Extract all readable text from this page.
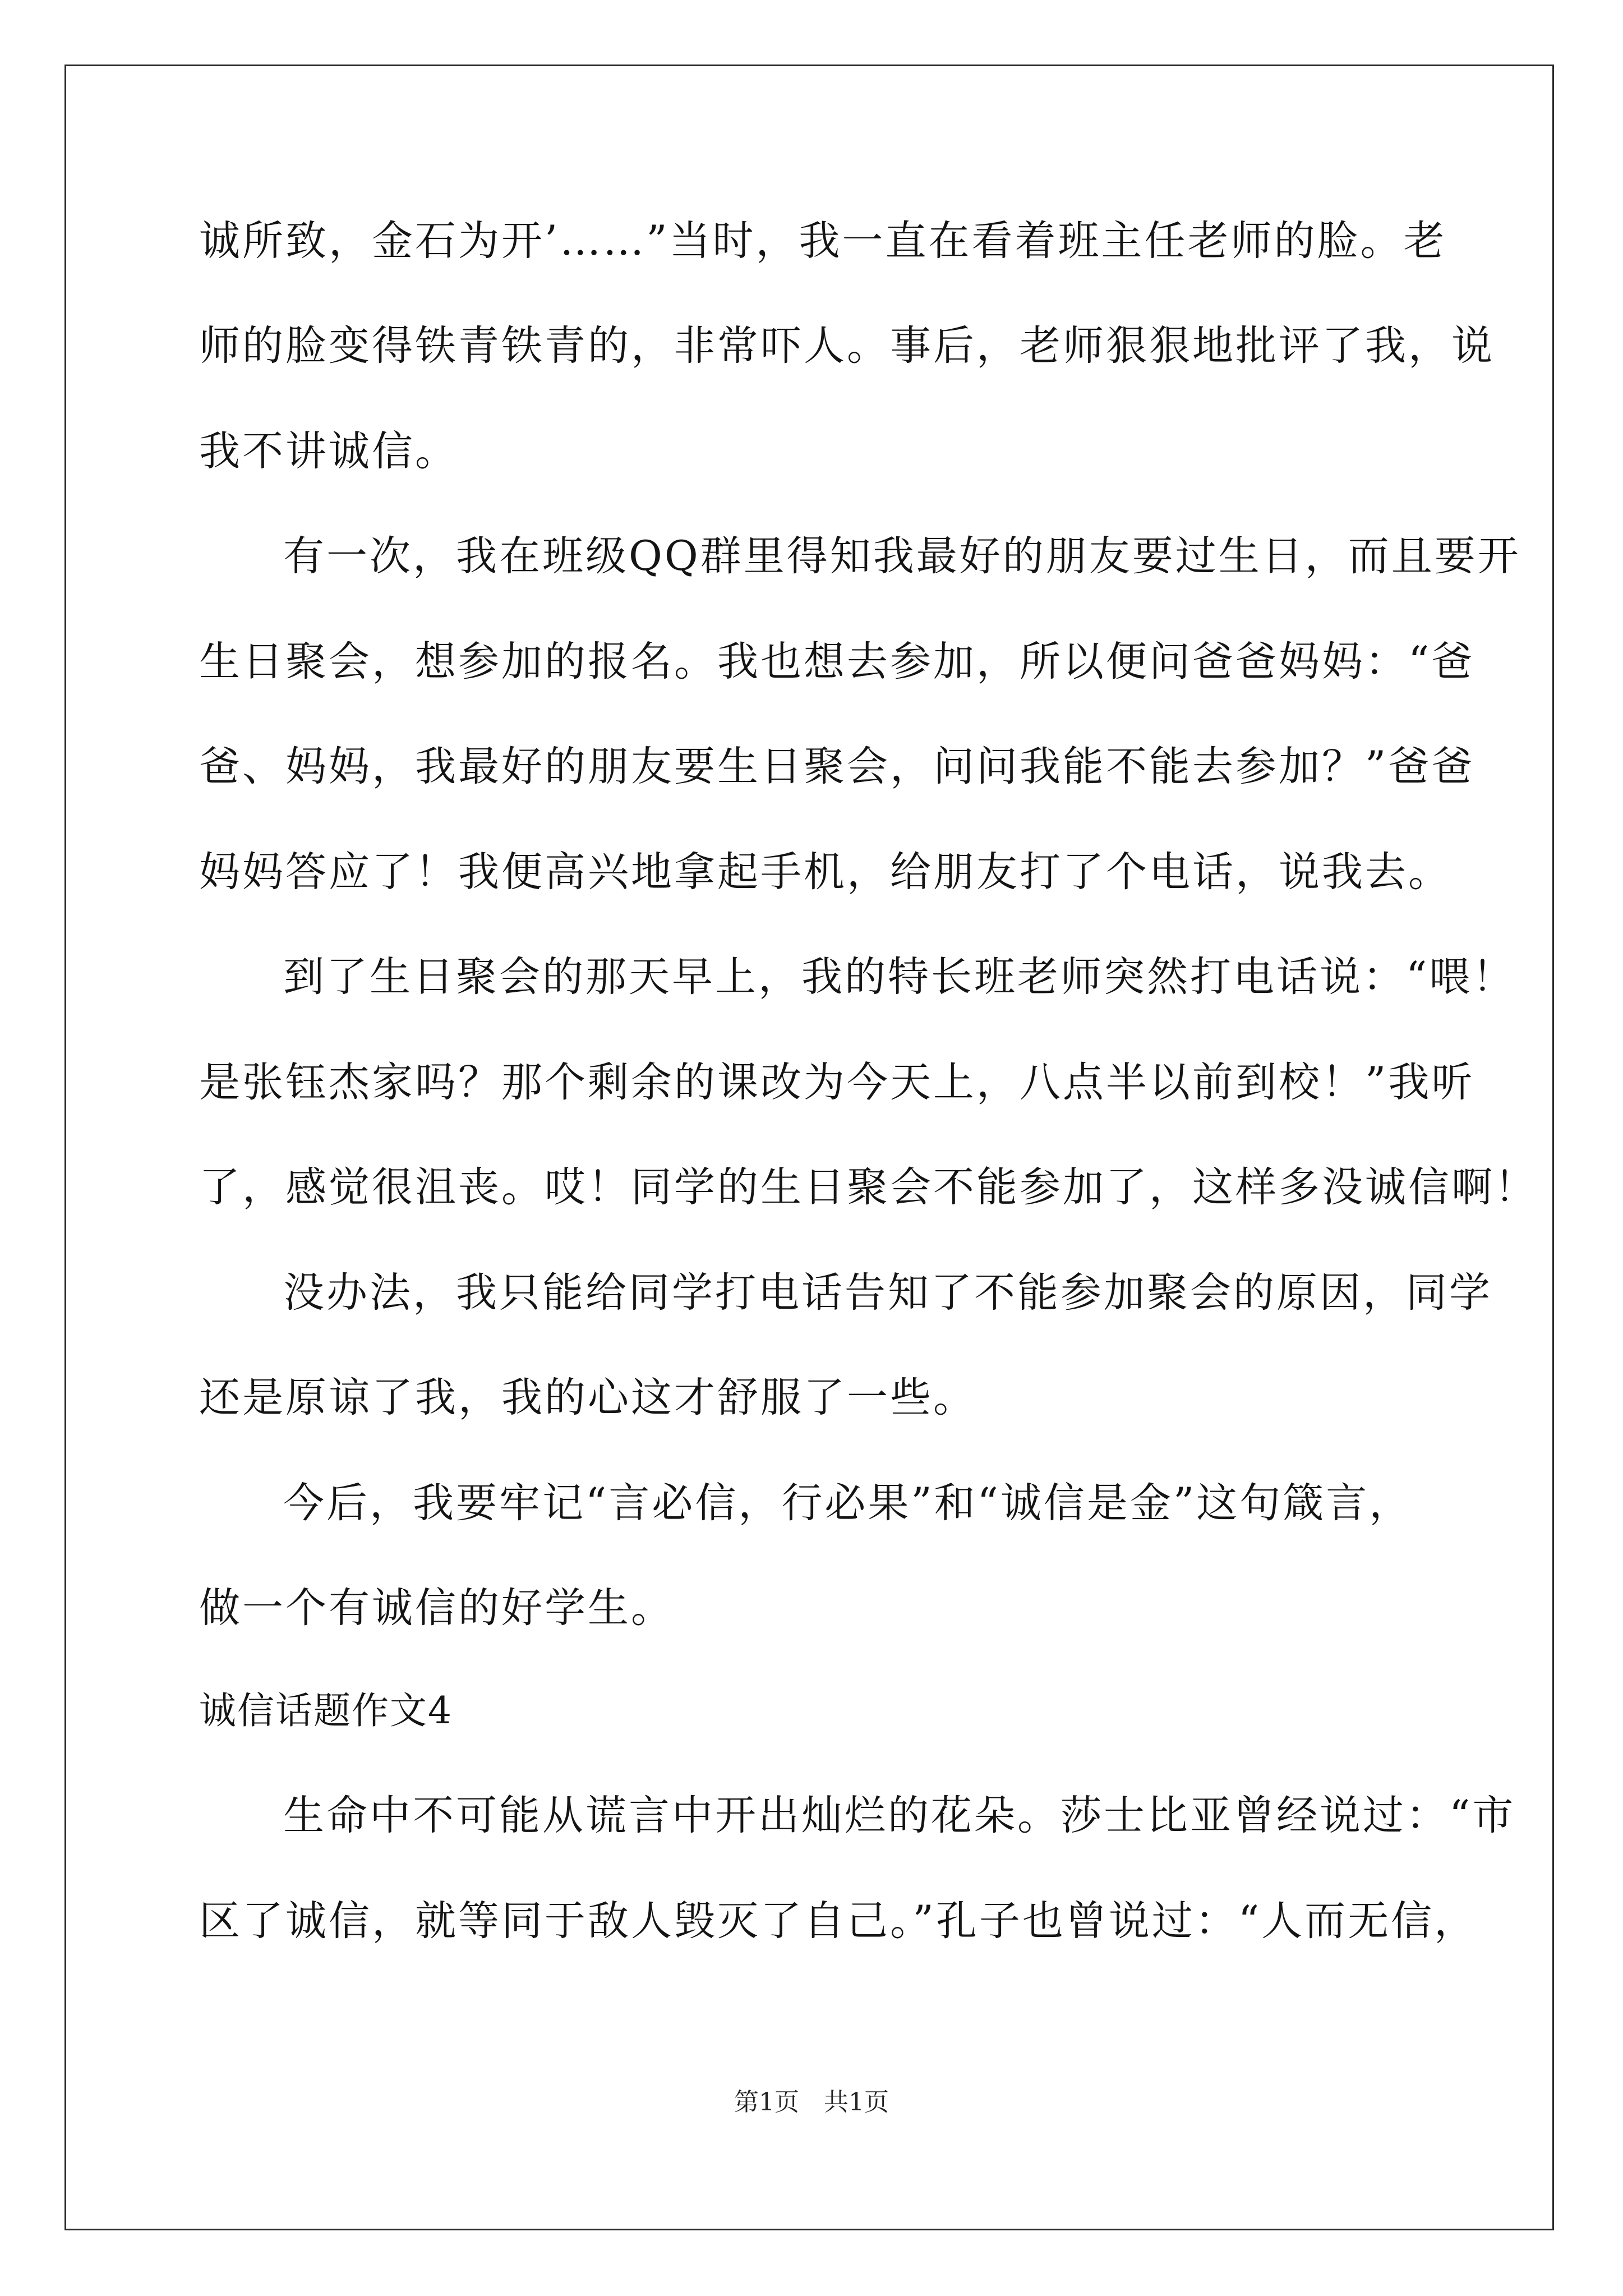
诚所致，金石为开’……”当时，我一直在看着班主任老师的脸。老
师的脸变得铁青铁青的，非常吓人。事后，老师狠狠地批评了我，说
我不讲诚信。
有一次，我在班级QQ群里得知我最好的朋友要过生日，而且要开
生日聚会，想参加的报名。我也想去参加，所以便问爸爸妈妈：“爸
爸、妈妈，我最好的朋友要生日聚会，问问我能不能去参加？”爸爸
妈妈答应了！我便高兴地拿起手机，给朋友打了个电话，说我去。
到了生日聚会的那天早上，我的特长班老师突然打电话说：“喂！
是张钰杰家吗？那个剩余的课改为今天上，八点半以前到校！”我听
了，感觉很沮丧。哎！同学的生日聚会不能参加了，这样多没诚信啊！
没办法，我只能给同学打电话告知了不能参加聚会的原因，同学
还是原谅了我，我的心这才舒服了一些。
今后，我要牢记“言必信，行必果”和“诚信是金”这句箴言，
做一个有诚信的好学生。
诚信话题作文4
生命中不可能从谎言中开出灿烂的花朵。莎士比亚曾经说过：“市
区了诚信，就等同于敌人毁灭了自己。”孔子也曾说过：“人而无信，
第1页　共1页
